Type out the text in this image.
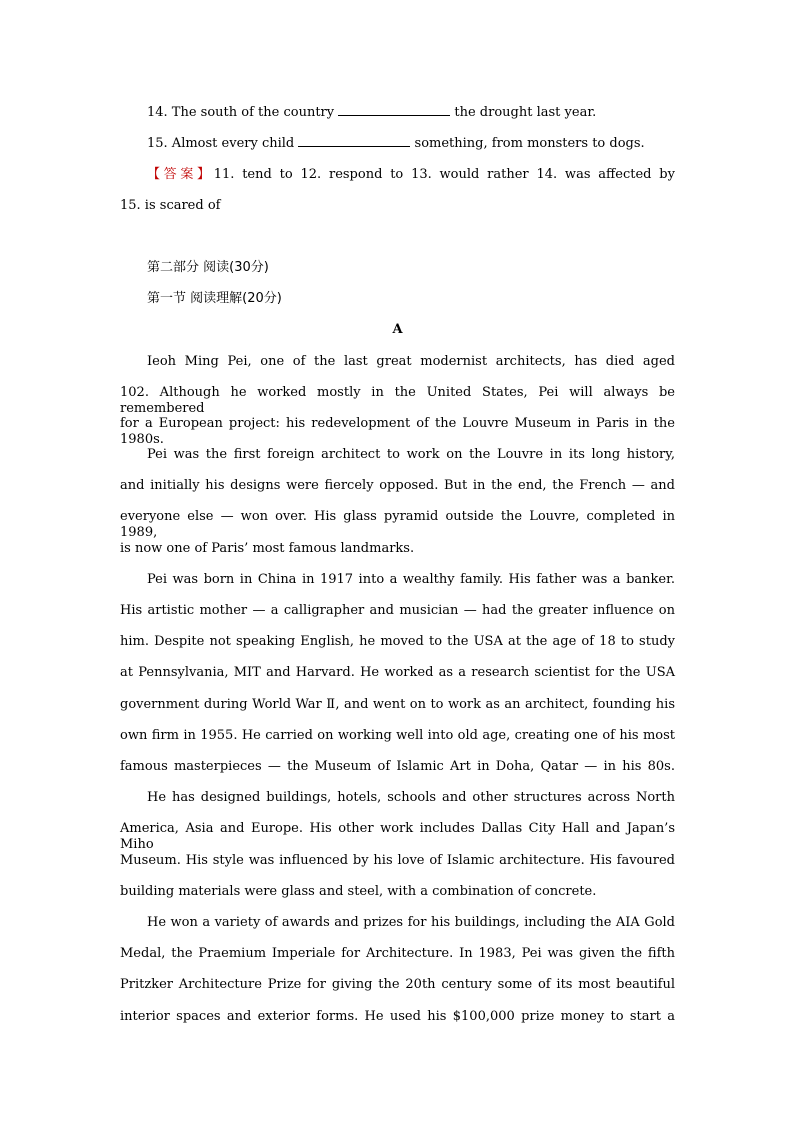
14. The south of the country	the drought last year.
15. Almost every child	something, from monsters to dogs.
【答案】11. tend to 12. respond to 13. would rather 14. was affected by
15. is scared of
第二部分 阅读(30分)
第一节 阅读理解(20分)
A
Ieoh Ming Pei, one of the last great modernist architects, has died aged
102. Although he worked mostly in the United States, Pei will always be remembered
for a European project: his redevelopment of the Louvre Museum in Paris in the 1980s.
Pei was the first foreign architect to work on the Louvre in its long history,
and initially his designs were fiercely opposed. But in the end, the French — and
everyone else — won over. His glass pyramid outside the Louvre, completed in 1989,
is now one of Paris’ most famous landmarks.
Pei was born in China in 1917 into a wealthy family. His father was a banker.
His artistic mother — a calligrapher and musician — had the greater influence on
him. Despite not speaking English, he moved to the USA at the age of 18 to study
at Pennsylvania, MIT and Harvard. He worked as a research scientist for the USA
government during World War Ⅱ, and went on to work as an architect, founding his
own firm in 1955. He carried on working well into old age, creating one of his most
famous masterpieces — the Museum of Islamic Art in Doha, Qatar — in his 80s.
He has designed buildings, hotels, schools and other structures across North
America, Asia and Europe. His other work includes Dallas City Hall and Japan’s Miho
Museum. His style was influenced by his love of Islamic architecture. His favoured
building materials were glass and steel, with a combination of concrete.
He won a variety of awards and prizes for his buildings, including the AIA Gold
Medal, the Praemium Imperiale for Architecture. In 1983, Pei was given the fifth
Pritzker Architecture Prize for giving the 20th century some of its most beautiful
interior spaces and exterior forms. He used his $100,000 prize money to start a
